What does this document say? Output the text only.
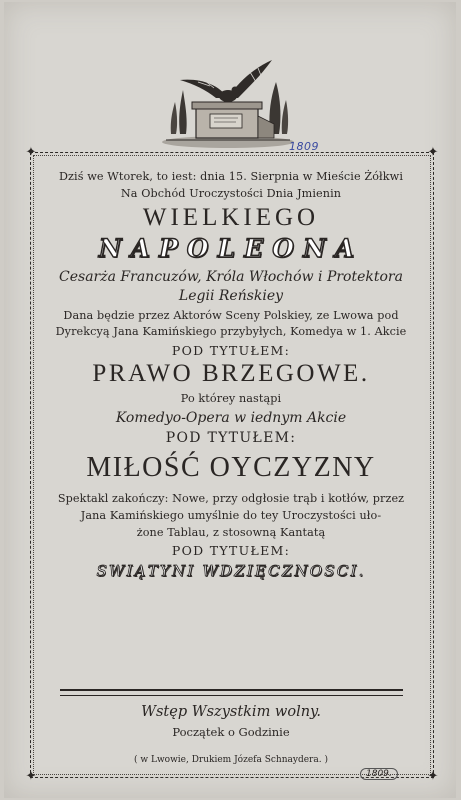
1809
✦	✦
✦	✦
Dziś we Wtorek, to iest: dnia 15. Sierpnia w Mieście Żółkwi
Na Obchód Uroczystości Dnia Jmienin
WIELKIEGO
NAPOLEONA
Cesarża Francuzów, Króla Włochów i Protektora
Legii Reńskiey
Dana będzie przez Aktorów Sceny Polskiey, ze Lwowa pod
Dyrekcyą Jana Kamińskiego przybyłych, Komedya w 1. Akcie
POD TYTUŁEM:
PRAWO BRZEGOWE.
Po którey nastąpi
Komedyo-Opera w iednym Akcie
POD TYTUŁEM:
MIŁOŚĆ OYCZYZNY
Spektakl zakończy: Nowe, przy odgłosie trąb i kotłów, przez
Jana Kamińskiego umyślnie do tey Uroczystości uło-
żone Tablau, z stosowną Kantatą
POD TYTUŁEM:
SWIĄTYNI WDZIĘCZNOSCI.
Wstęp Wszystkim wolny.
Początek o Godzinie
( w Lwowie, Drukiem Józefa Schnaydera. )
1809.
